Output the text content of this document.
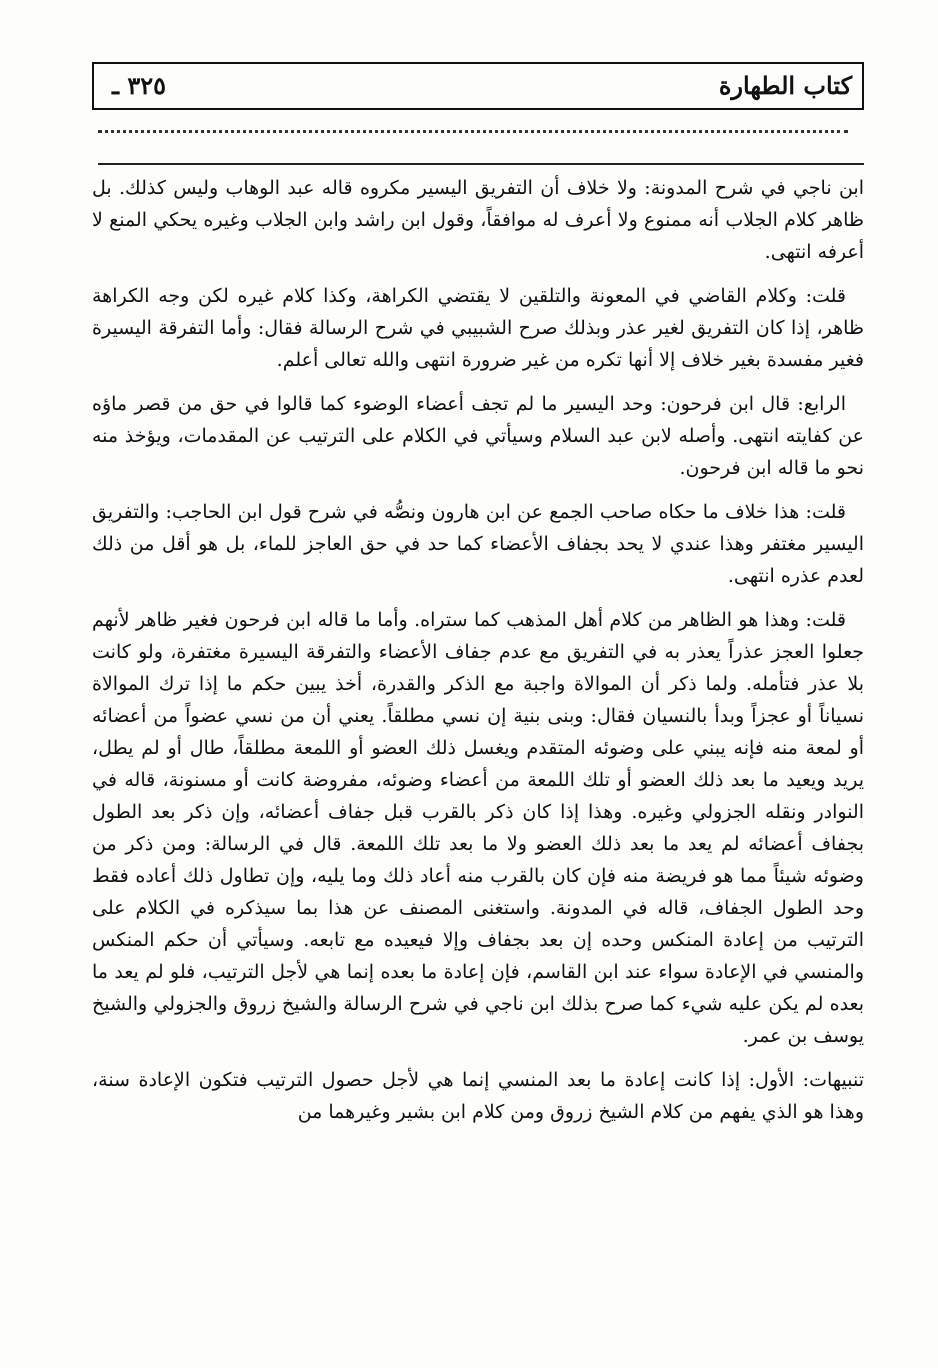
كتاب الطهارة
٣٢٥ ـ

ابن ناجي في شرح المدونة: ولا خلاف أن التفريق اليسير مكروه قاله عبد الوهاب وليس كذلك. بل ظاهر كلام الجلاب أنه ممنوع ولا أعرف له موافقاً، وقول ابن راشد وابن الجلاب وغيره يحكي المنع لا أعرفه انتهى.

قلت: وكلام القاضي في المعونة والتلقين لا يقتضي الكراهة، وكذا كلام غيره لكن وجه الكراهة ظاهر، إذا كان التفريق لغير عذر وبذلك صرح الشبيبي في شرح الرسالة فقال: وأما التفرقة اليسيرة فغير مفسدة بغير خلاف إلا أنها تكره من غير ضرورة انتهى والله تعالى أعلم.

الرابع: قال ابن فرحون: وحد اليسير ما لم تجف أعضاء الوضوء كما قالوا في حق من قصر ماؤه عن كفايته انتهى. وأصله لابن عبد السلام وسيأتي في الكلام على الترتيب عن المقدمات، ويؤخذ منه نحو ما قاله ابن فرحون.

قلت: هذا خلاف ما حكاه صاحب الجمع عن ابن هارون ونصُّه في شرح قول ابن الحاجب: والتفريق اليسير مغتفر وهذا عندي لا يحد بجفاف الأعضاء كما حد في حق العاجز للماء، بل هو أقل من ذلك لعدم عذره انتهى.

قلت: وهذا هو الظاهر من كلام أهل المذهب كما ستراه. وأما ما قاله ابن فرحون فغير ظاهر لأنهم جعلوا العجز عذراً يعذر به في التفريق مع عدم جفاف الأعضاء والتفرقة اليسيرة مغتفرة، ولو كانت بلا عذر فتأمله. ولما ذكر أن الموالاة واجبة مع الذكر والقدرة، أخذ يبين حكم ما إذا ترك الموالاة نسياناً أو عجزاً وبدأ بالنسيان فقال: وبنى بنية إن نسي مطلقاً. يعني أن من نسي عضواً من أعضائه أو لمعة منه فإنه يبني على وضوئه المتقدم ويغسل ذلك العضو أو اللمعة مطلقاً، طال أو لم يطل، يريد ويعيد ما بعد ذلك العضو أو تلك اللمعة من أعضاء وضوئه، مفروضة كانت أو مسنونة، قاله في النوادر ونقله الجزولي وغيره. وهذا إذا كان ذكر بالقرب قبل جفاف أعضائه، وإن ذكر بعد الطول بجفاف أعضائه لم يعد ما بعد ذلك العضو ولا ما بعد تلك اللمعة. قال في الرسالة: ومن ذكر من وضوئه شيئاً مما هو فريضة منه فإن كان بالقرب منه أعاد ذلك وما يليه، وإن تطاول ذلك أعاده فقط وحد الطول الجفاف، قاله في المدونة. واستغنى المصنف عن هذا بما سيذكره في الكلام على الترتيب من إعادة المنكس وحده إن بعد بجفاف وإلا فيعيده مع تابعه. وسيأتي أن حكم المنكس والمنسي في الإعادة سواء عند ابن القاسم، فإن إعادة ما بعده إنما هي لأجل الترتيب، فلو لم يعد ما بعده لم يكن عليه شيء كما صرح بذلك ابن ناجي في شرح الرسالة والشيخ زروق والجزولي والشيخ يوسف بن عمر.

تنبيهات: الأول: إذا كانت إعادة ما بعد المنسي إنما هي لأجل حصول الترتيب فتكون الإعادة سنة، وهذا هو الذي يفهم من كلام الشيخ زروق ومن كلام ابن بشير وغيرهما من
